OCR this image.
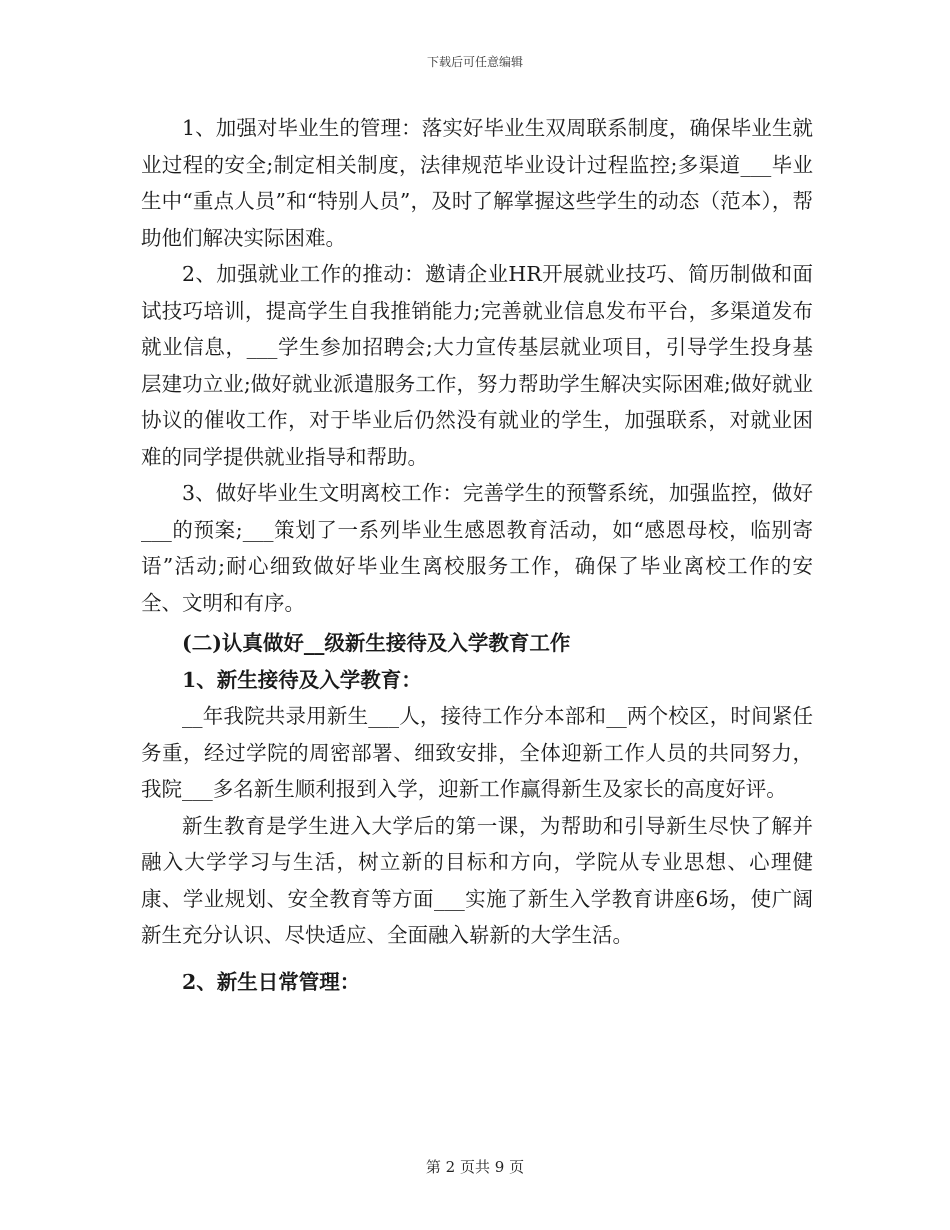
下载后可任意编辑

1、加强对毕业生的管理：落实好毕业生双周联系制度，确保毕业生就业过程的安全;制定相关制度，法律规范毕业设计过程监控;多渠道___毕业生中“重点人员”和“特别人员”，及时了解掌握这些学生的动态（范本），帮助他们解决实际困难。

2、加强就业工作的推动：邀请企业HR开展就业技巧、简历制做和面试技巧培训，提高学生自我推销能力;完善就业信息发布平台，多渠道发布就业信息，___学生参加招聘会;大力宣传基层就业项目，引导学生投身基层建功立业;做好就业派遣服务工作，努力帮助学生解决实际困难;做好就业协议的催收工作，对于毕业后仍然没有就业的学生，加强联系，对就业困难的同学提供就业指导和帮助。

3、做好毕业生文明离校工作：完善学生的预警系统，加强监控，做好___的预案;___策划了一系列毕业生感恩教育活动，如“感恩母校，临别寄语”活动;耐心细致做好毕业生离校服务工作，确保了毕业离校工作的安全、文明和有序。

(二)认真做好__级新生接待及入学教育工作

1、新生接待及入学教育：

__年我院共录用新生___人，接待工作分本部和__两个校区，时间紧任务重，经过学院的周密部署、细致安排，全体迎新工作人员的共同努力，我院___多名新生顺利报到入学，迎新工作赢得新生及家长的高度好评。

新生教育是学生进入大学后的第一课，为帮助和引导新生尽快了解并融入大学学习与生活，树立新的目标和方向，学院从专业思想、心理健康、学业规划、安全教育等方面___实施了新生入学教育讲座6场，使广阔新生充分认识、尽快适应、全面融入崭新的大学生活。

2、新生日常管理：

第 2 页共 9 页
